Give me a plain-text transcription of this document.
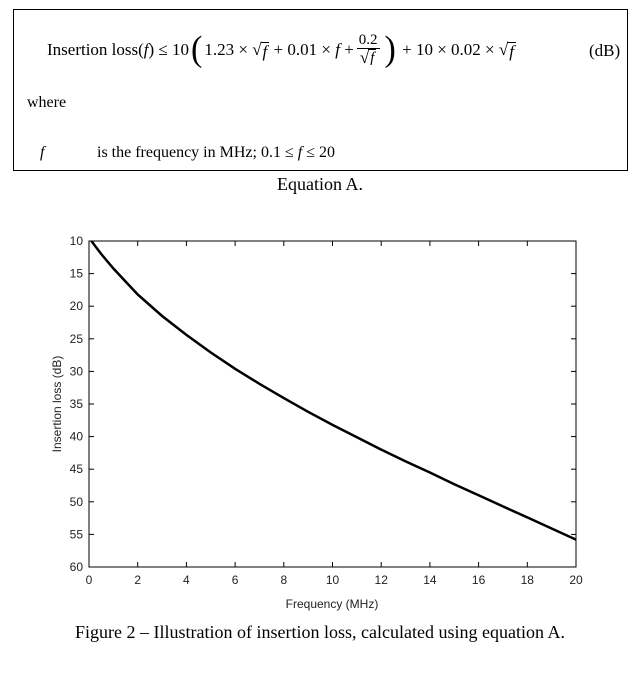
Insertion loss( f ) ≤ 10 ( 1.23 ×
√ f
+ 0.01 ×
f
+ $\frac{0.2}{√ f}$ )
+ 10 × 0.02 ×
√ f	(dB)
where
f	is the frequency in MHz; 0.1 ≤ f ≤ 20
Equation A.
0	2	4	6	8	10	12	14	16	18	20
10
15
20
25
30
35
40
45
50
55
60
Frequency (MHz)
Insertion loss (dB)
Figure 2 – Illustration of insertion loss, calculated using equation A.
